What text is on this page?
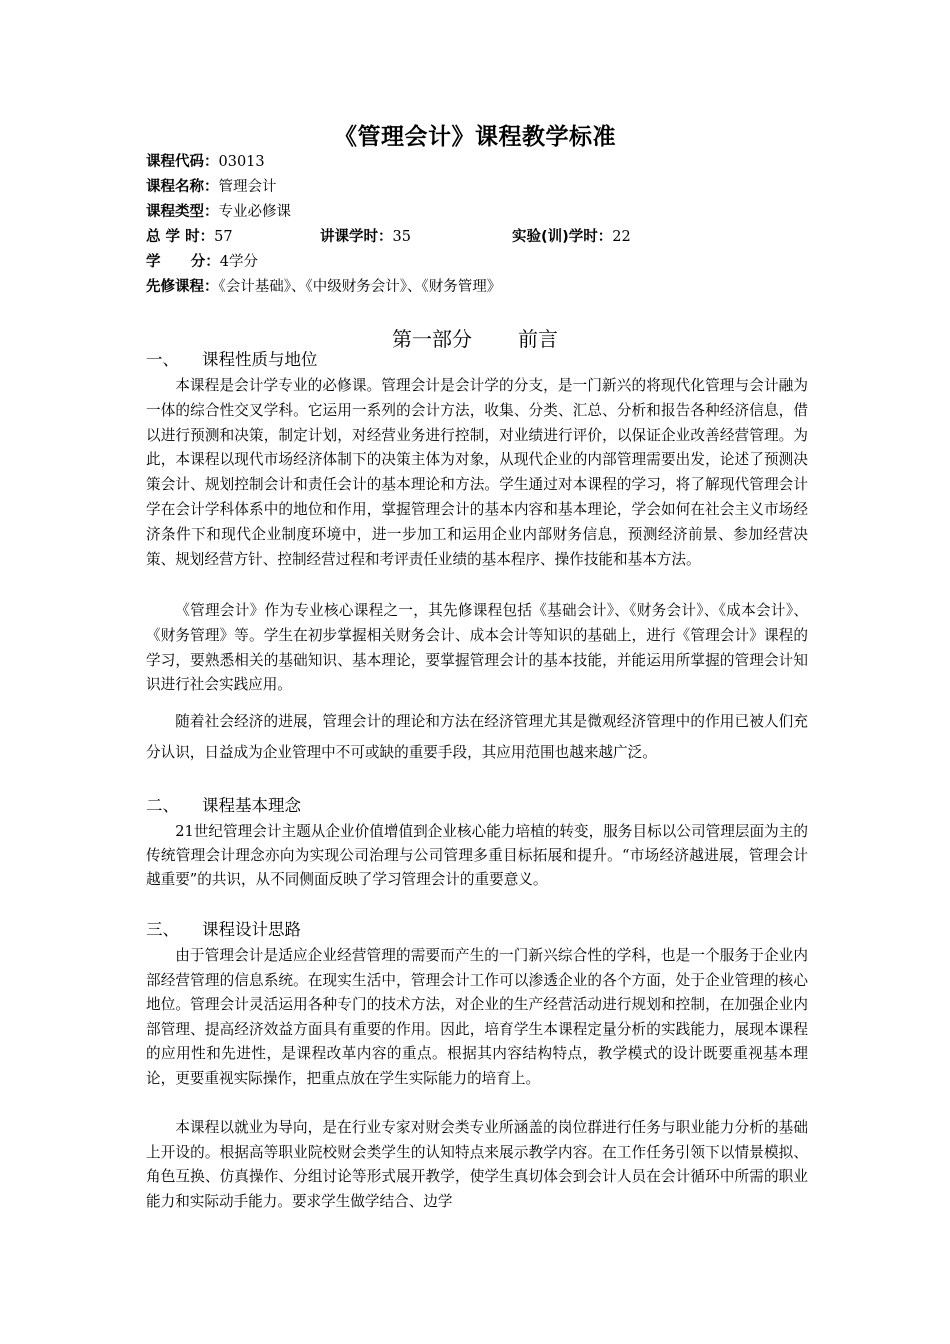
《管理会计》课程教学标准
课程代码：03013
课程名称：管理会计
课程类型：专业必修课
总 学 时：57	讲课学时：35	实验(训)学时：22
学      分：4学分
先修课程：《会计基础》、《中级财务会计》、《财务管理》
第一部分 前言
一、 课程性质与地位

本课程是会计学专业的必修课。管理会计是会计学的分支，是一门新兴的将现代化管理与会计融为一体的综合性交叉学科。它运用一系列的会计方法，收集、分类、汇总、分析和报告各种经济信息，借以进行预测和决策，制定计划，对经营业务进行控制，对业绩进行评价，以保证企业改善经营管理。为此，本课程以现代市场经济体制下的决策主体为对象，从现代企业的内部管理需要出发，论述了预测决策会计、规划控制会计和责任会计的基本理论和方法。学生通过对本课程的学习，将了解现代管理会计学在会计学科体系中的地位和作用，掌握管理会计的基本内容和基本理论，学会如何在社会主义市场经济条件下和现代企业制度环境中，进一步加工和运用企业内部财务信息，预测经济前景、参加经营决策、规划经营方针、控制经营过程和考评责任业绩的基本程序、操作技能和基本方法。

《管理会计》作为专业核心课程之一，其先修课程包括《基础会计》、《财务会计》、《成本会计》、《财务管理》等。学生在初步掌握相关财务会计、成本会计等知识的基础上，进行《管理会计》课程的学习，要熟悉相关的基础知识、基本理论，要掌握管理会计的基本技能，并能运用所掌握的管理会计知识进行社会实践应用。

随着社会经济的进展，管理会计的理论和方法在经济管理尤其是微观经济管理中的作用已被人们充分认识，日益成为企业管理中不可或缺的重要手段，其应用范围也越来越广泛。

二、 课程基本理念

21世纪管理会计主题从企业价值增值到企业核心能力培植的转变，服务目标以公司管理层面为主的传统管理会计理念亦向为实现公司治理与公司管理多重目标拓展和提升。“市场经济越进展，管理会计越重要”的共识，从不同侧面反映了学习管理会计的重要意义。

三、 课程设计思路

由于管理会计是适应企业经营管理的需要而产生的一门新兴综合性的学科，也是一个服务于企业内部经营管理的信息系统。在现实生活中，管理会计工作可以渗透企业的各个方面，处于企业管理的核心地位。管理会计灵活运用各种专门的技术方法，对企业的生产经营活动进行规划和控制，在加强企业内部管理、提高经济效益方面具有重要的作用。因此，培育学生本课程定量分析的实践能力，展现本课程的应用性和先进性，是课程改革内容的重点。根据其内容结构特点，教学模式的设计既要重视基本理论，更要重视实际操作，把重点放在学生实际能力的培育上。

本课程以就业为导向，是在行业专家对财会类专业所涵盖的岗位群进行任务与职业能力分析的基础上开设的。根据高等职业院校财会类学生的认知特点来展示教学内容。在工作任务引领下以情景模拟、角色互换、仿真操作、分组讨论等形式展开教学，使学生真切体会到会计人员在会计循环中所需的职业能力和实际动手能力。要求学生做学结合、边学
